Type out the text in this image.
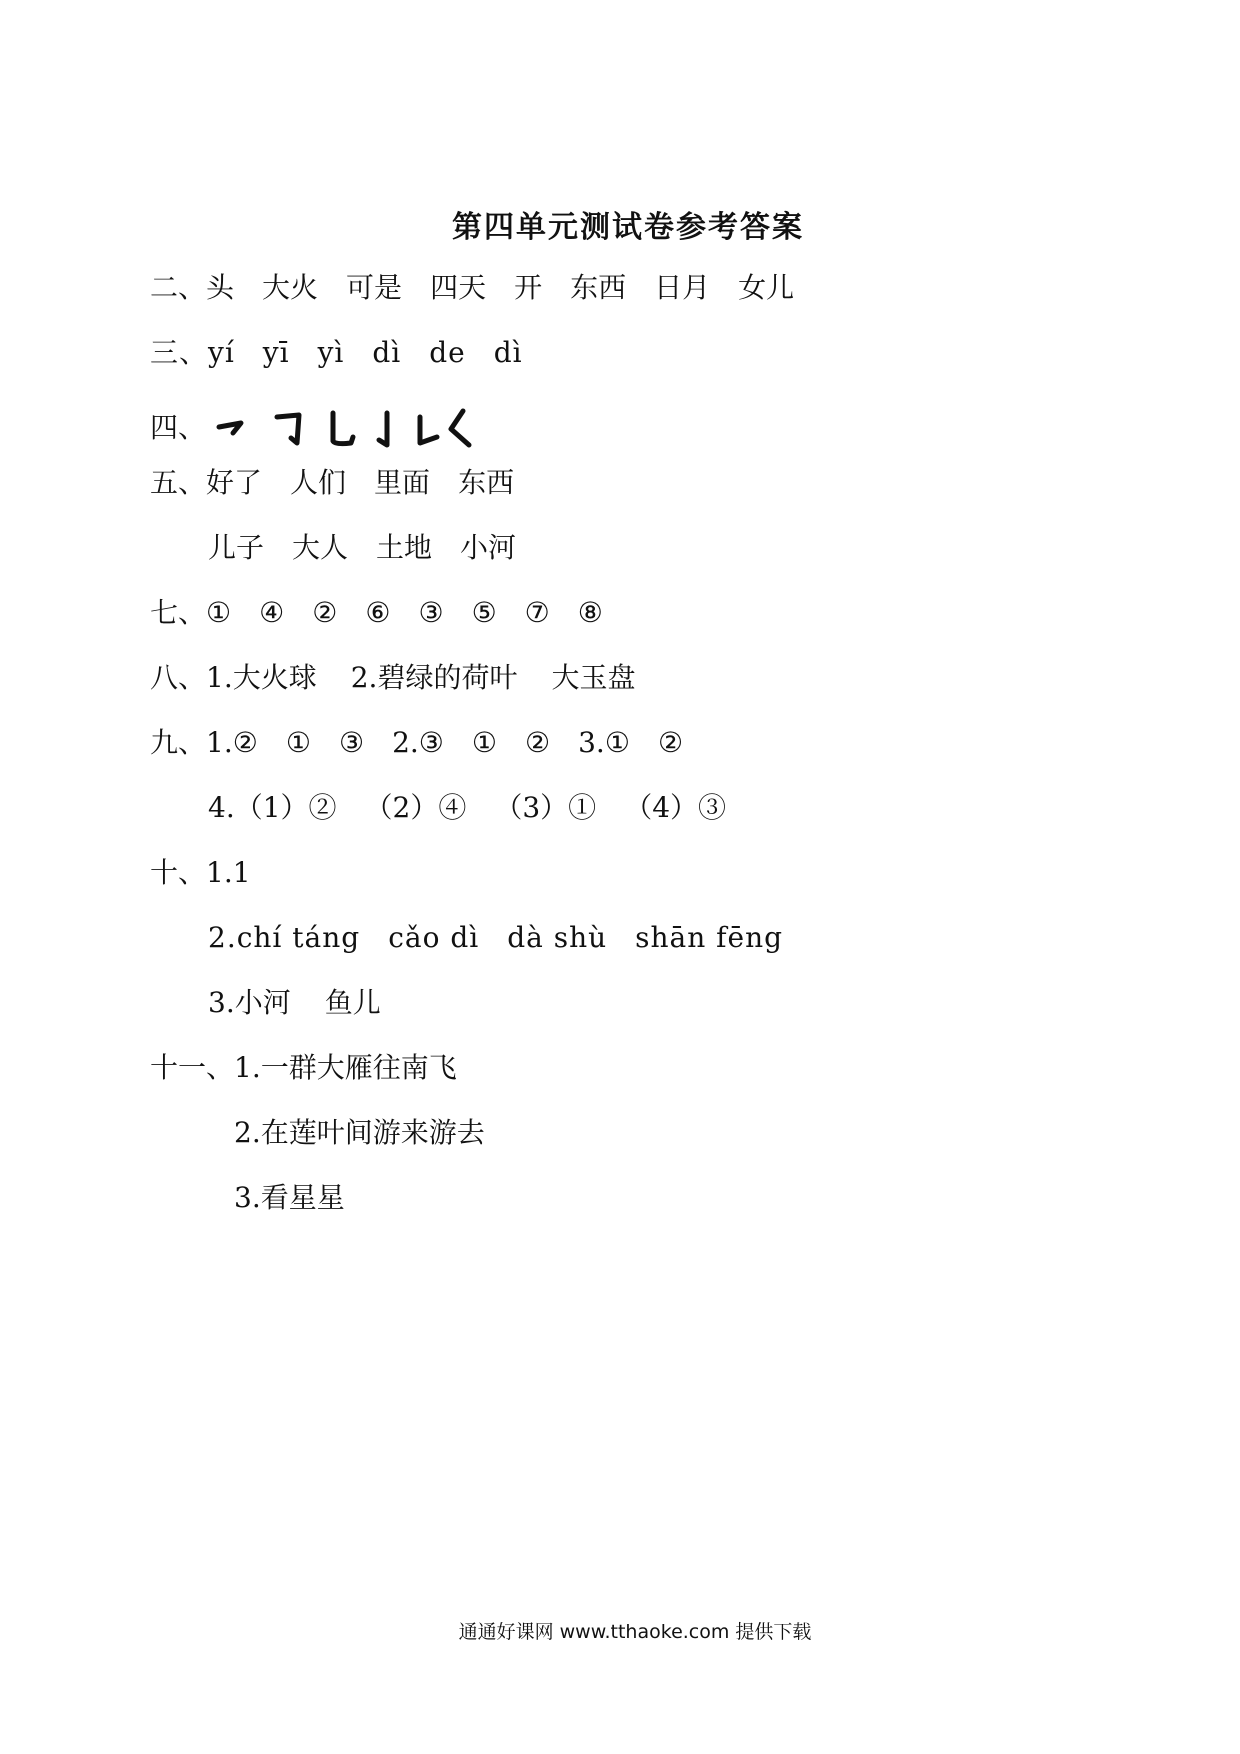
第四单元测试卷参考答案
二、头 大火 可是 四天 开 东西 日月 女儿
三、yí yī yì dì de dì
四、
五、好了 人们 里面 东西
儿子 大人 土地 小河
七、① ④ ② ⑥ ③ ⑤ ⑦ ⑧
八、1.大火球 2.碧绿的荷叶 大玉盘
九、1.② ① ③ 2.③ ① ② 3.① ②
4.（1）② （2）④ （3）① （4）③
十、1.1
2.chí táng cǎo dì dà shù shān fēng
3.小河 鱼儿
十一、1.一群大雁往南飞
2.在莲叶间游来游去
3.看星星
通通好课网 www.tthaoke.com 提供下载
